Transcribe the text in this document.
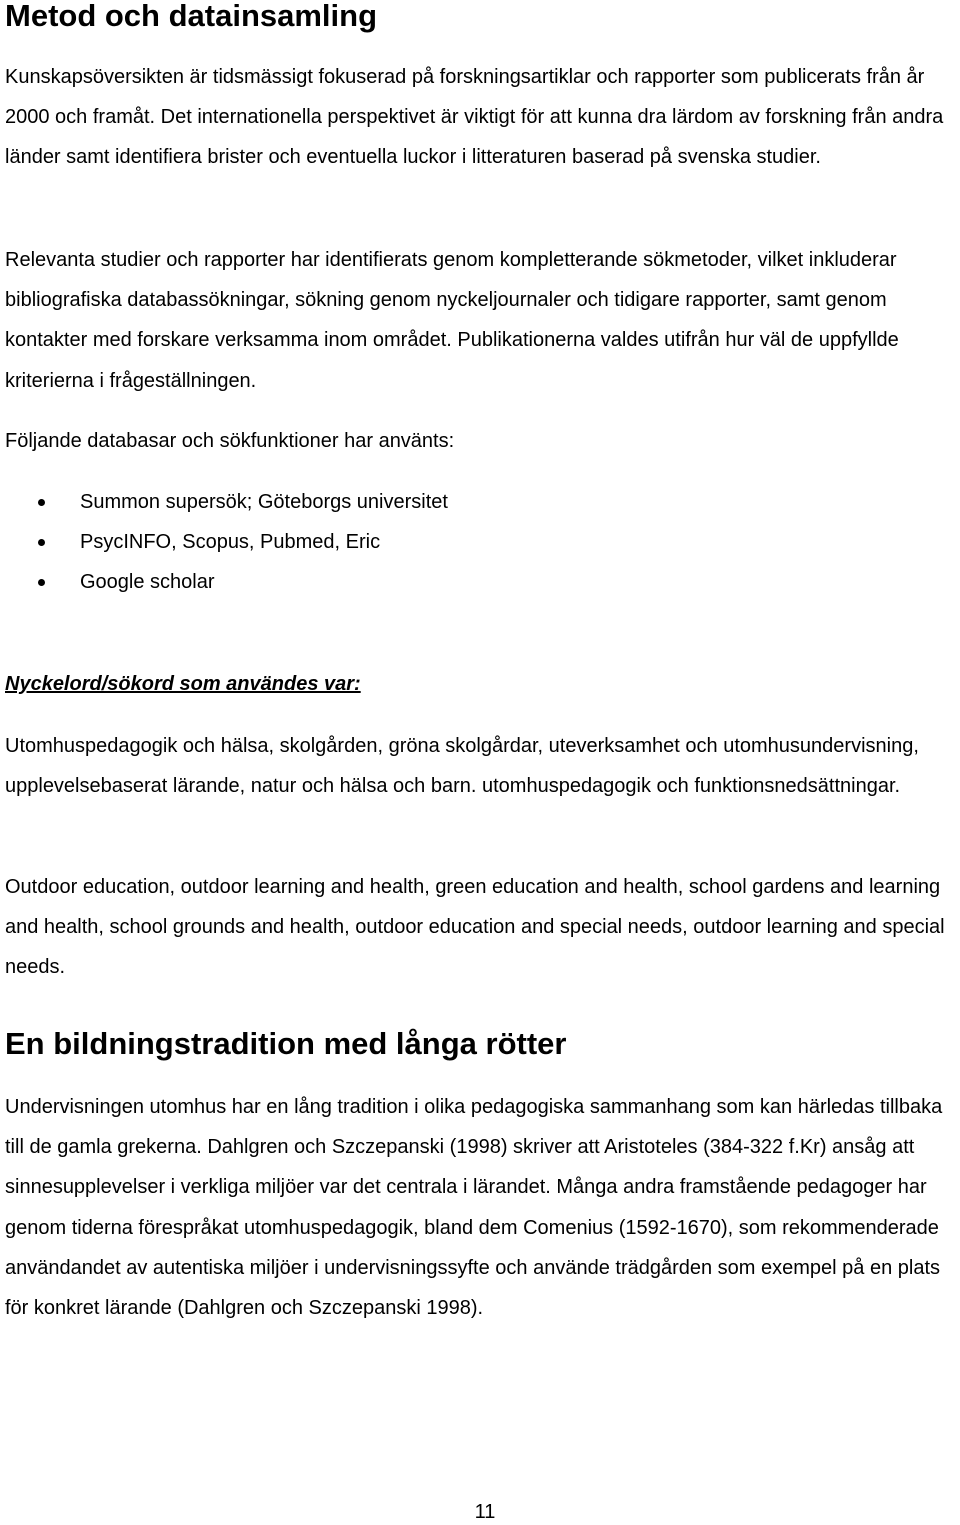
Metod och datainsamling

Kunskapsöversikten är tidsmässigt fokuserad på forskningsartiklar och rapporter som publicerats från år 2000 och framåt. Det internationella perspektivet är viktigt för att kunna dra lärdom av forskning från andra länder samt identifiera brister och eventuella luckor i litteraturen baserad på svenska studier.

Relevanta studier och rapporter har identifierats genom kompletterande sökmetoder, vilket inkluderar bibliografiska databassökningar, sökning genom nyckeljournaler och tidigare rapporter, samt genom kontakter med forskare verksamma inom området. Publikationerna valdes utifrån hur väl de uppfyllde kriterierna i frågeställningen.

Följande databasar och sökfunktioner har använts:

Summon supersök; Göteborgs universitet
PsycINFO, Scopus, Pubmed, Eric
Google scholar

Nyckelord/sökord som användes var:

Utomhuspedagogik och hälsa, skolgården, gröna skolgårdar, uteverksamhet och utomhusundervisning, upplevelsebaserat lärande, natur och hälsa och barn. utomhuspedagogik och funktionsnedsättningar.

Outdoor education, outdoor learning and health, green education and health, school gardens and learning and health, school grounds and health, outdoor education and special needs, outdoor learning and special needs.

En bildningstradition med långa rötter

Undervisningen utomhus har en lång tradition i olika pedagogiska sammanhang som kan härledas tillbaka till de gamla grekerna. Dahlgren och Szczepanski (1998) skriver att Aristoteles (384-322 f.Kr) ansåg att sinnesupplevelser i verkliga miljöer var det centrala i lärandet. Många andra framstående pedagoger har genom tiderna förespråkat utomhuspedagogik, bland dem Comenius (1592-1670), som rekommenderade användandet av autentiska miljöer i undervisningssyfte och använde trädgården som exempel på en plats för konkret lärande (Dahlgren och Szczepanski 1998).

11
